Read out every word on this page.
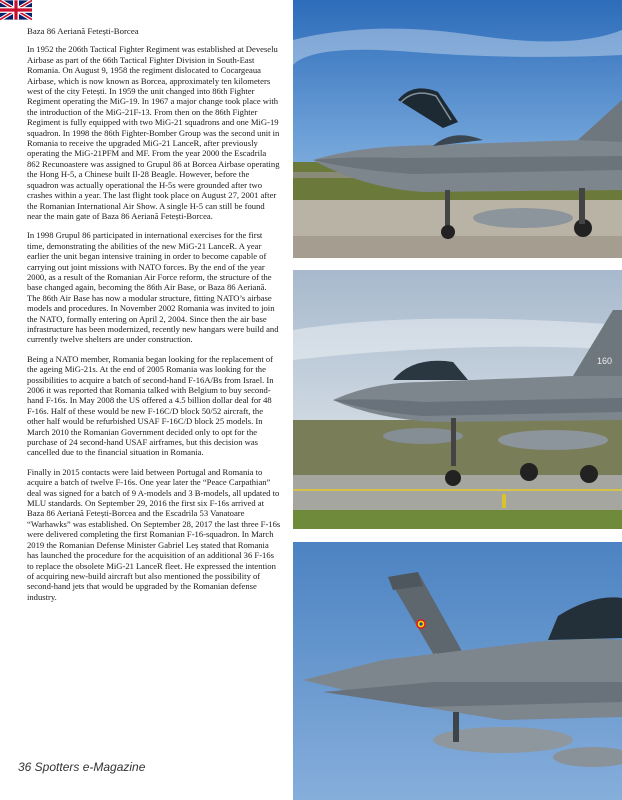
Baza 86 Aeriană Fetești-Borcea

In 1952 the 206th Tactical Fighter Regiment was established at Deveselu Airbase as part of the 66th Tactical Fighter Division in South-East Romania. On August 9, 1958 the regiment dislocated to Cocargeaua Airbase, which is now known as Borcea, approximately ten kilometers west of the city Fetești. In 1959 the unit changed into 86th Fighter Regiment operating the MiG-19. In 1967 a major change took place with the introduction of the MiG-21F-13. From then on the 86th Fighter Regiment is fully equipped with two MiG-21 squadrons and one MiG-19 squadron. In 1998 the 86th Fighter-Bomber Group was the second unit in Romania to receive the upgraded MiG-21 LanceR, after previously operating the MiG-21PFM and MF. From the year 2000 the Escadrila 862 Recunoastere was assigned to Grupul 86 at Borcea Airbase operating the Hong H-5, a Chinese built Il-28 Beagle. However, before the squadron was actually operational the H-5s were grounded after two crashes within a year. The last flight took place on August 27, 2001 after the Romanian International Air Show. A single H-5 can still be found near the main gate of Baza 86 Aeriană Fetești-Borcea.

In 1998 Grupul 86 participated in international exercises for the first time, demonstrating the abilities of the new MiG-21 LanceR. A year earlier the unit began intensive training in order to become capable of carrying out joint missions with NATO forces. By the end of the year 2000, as a result of the Romanian Air Force reform, the structure of the base changed again, becoming the 86th Air Base, or Baza 86 Aeriană. The 86th Air Base has now a modular structure, fitting NATO’s airbase models and procedures. In November 2002 Romania was invited to join the NATO, formally entering on April 2, 2004. Since then the air base infrastructure has been modernized, recently new hangars were build and currently twelve shelters are under construction.

Being a NATO member, Romania began looking for the replacement of the ageing MiG-21s. At the end of 2005 Romania was looking for the possibilities to acquire a batch of second-hand F-16A/Bs from Israel. In 2006 it was reported that Romania talked with Belgium to buy second-hand F-16s. In May 2008 the US offered a 4.5 billion dollar deal for 48 F-16s. Half of these would be new F-16C/D block 50/52 aircraft, the other half would be refurbished USAF F-16C/D block 25 models. In March 2010 the Romanian Government decided only to opt for the purchase of 24 second-hand USAF airframes, but this decision was cancelled due to the financial situation in Romania.

Finally in 2015 contacts were laid between Portugal and Romania to acquire a batch of twelve F-16s. One year later the “Peace Carpathian” deal was signed for a batch of 9 A-models and 3 B-models, all updated to MLU standards. On September 29, 2016 the first six F-16s arrived at Baza 86 Aeriană Fetești-Borcea and the Escadrila 53 Vanatoare “Warhawks” was established. On September 28, 2017 the last three F-16s were delivered completing the first Romanian F-16-squadron. In March 2019 the Romanian Defense Minister Gabriel Leș stated that Romania has launched the procedure for the acquisition of an additional 36 F-16s to replace the obsolete MiG-21 LanceR fleet. He expressed the intention of acquiring new-build aircraft but also mentioned the possibility of second-hand jets that would be upgraded by the Romanian defense industry.

160
36 Spotters e-Magazine
